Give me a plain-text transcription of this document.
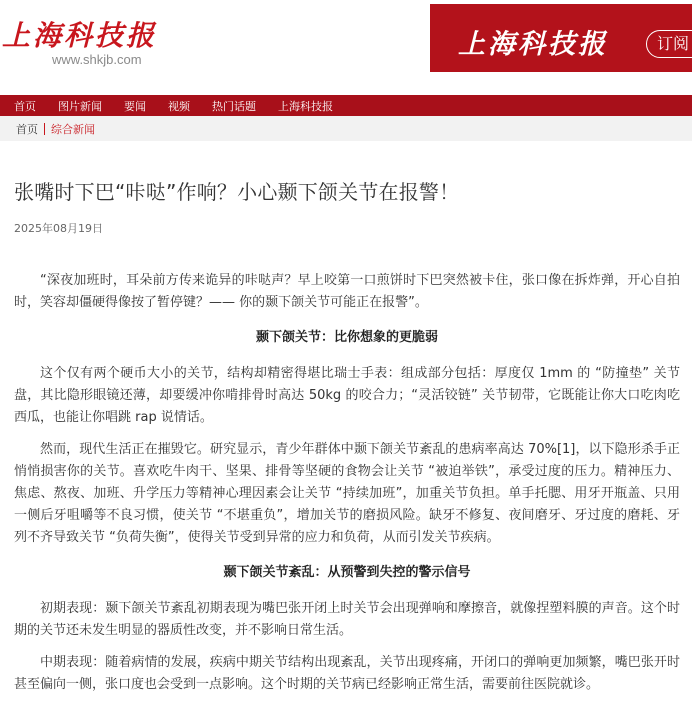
上海科技报
www.shkjb.com	上海科技报	订阅
首页 图片新闻 要闻 视频 热门话题 上海科技报
首页 综合新闻
张嘴时下巴“咔哒”作响？小心颞下颌关节在报警！
2025年08月19日

“深夜加班时，耳朵前方传来诡异的咔哒声？早上咬第一口煎饼时下巴突然被卡住，张口像在拆炸弹，开心自拍时，笑容却僵硬得像按了暂停键？—— 你的颞下颌关节可能正在报警”。

颞下颌关节：比你想象的更脆弱

这个仅有两个硬币大小的关节，结构却精密得堪比瑞士手表：组成部分包括：厚度仅 1mm 的 “防撞垫” 关节盘，其比隐形眼镜还薄，却要缓冲你啃排骨时高达 50kg 的咬合力；“灵活铰链” 关节韧带，它既能让你大口吃肉吃西瓜，也能让你唱跳 rap 说情话。

然而，现代生活正在摧毁它。研究显示，青少年群体中颞下颌关节紊乱的患病率高达 70%[1]，以下隐形杀手正悄悄损害你的关节。喜欢吃牛肉干、坚果、排骨等坚硬的食物会让关节 “被迫举铁”，承受过度的压力。精神压力、焦虑、熬夜、加班、升学压力等精神心理因素会让关节 “持续加班”，加重关节负担。单手托腮、用牙开瓶盖、只用一侧后牙咀嚼等不良习惯，使关节 “不堪重负”，增加关节的磨损风险。缺牙不修复、夜间磨牙、牙过度的磨耗、牙列不齐导致关节 “负荷失衡”，使得关节受到异常的应力和负荷，从而引发关节疾病。

颞下颌关节紊乱：从预警到失控的警示信号

初期表现：颞下颌关节紊乱初期表现为嘴巴张开闭上时关节会出现弹响和摩擦音，就像捏塑料膜的声音。这个时期的关节还未发生明显的器质性改变，并不影响日常生活。

中期表现：随着病情的发展，疾病中期关节结构出现紊乱，关节出现疼痛，开闭口的弹响更加频繁，嘴巴张开时甚至偏向一侧，张口度也会受到一点影响。这个时期的关节病已经影响正常生活，需要前往医院就诊。
